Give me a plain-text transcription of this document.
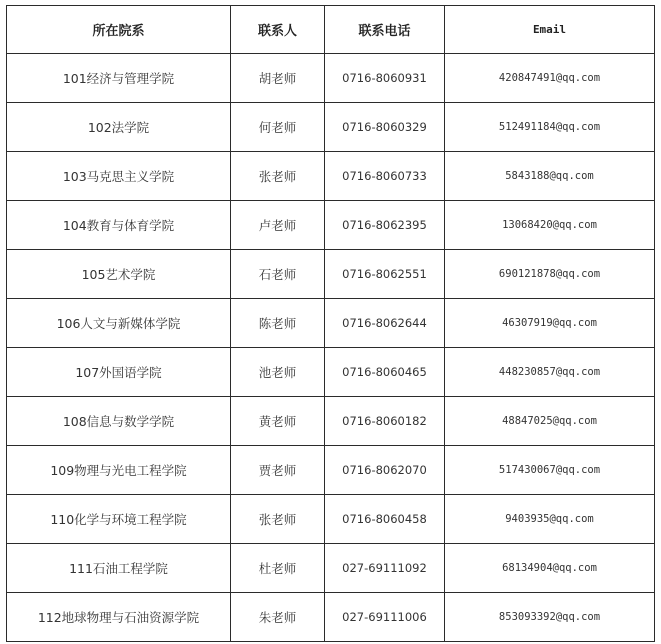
所在院系	联系人	联系电话	Email
101经济与管理学院	胡老师	0716-8060931	420847491@qq.com
102法学院	何老师	0716-8060329	512491184@qq.com
103马克思主义学院	张老师	0716-8060733	5843188@qq.com
104教育与体育学院	卢老师	0716-8062395	13068420@qq.com
105艺术学院	石老师	0716-8062551	690121878@qq.com
106人文与新媒体学院	陈老师	0716-8062644	46307919@qq.com
107外国语学院	池老师	0716-8060465	448230857@qq.com
108信息与数学学院	黄老师	0716-8060182	48847025@qq.com
109物理与光电工程学院	贾老师	0716-8062070	517430067@qq.com
110化学与环境工程学院	张老师	0716-8060458	9403935@qq.com
111石油工程学院	杜老师	027-69111092	68134904@qq.com
112地球物理与石油资源学院	朱老师	027-69111006	853093392@qq.com
